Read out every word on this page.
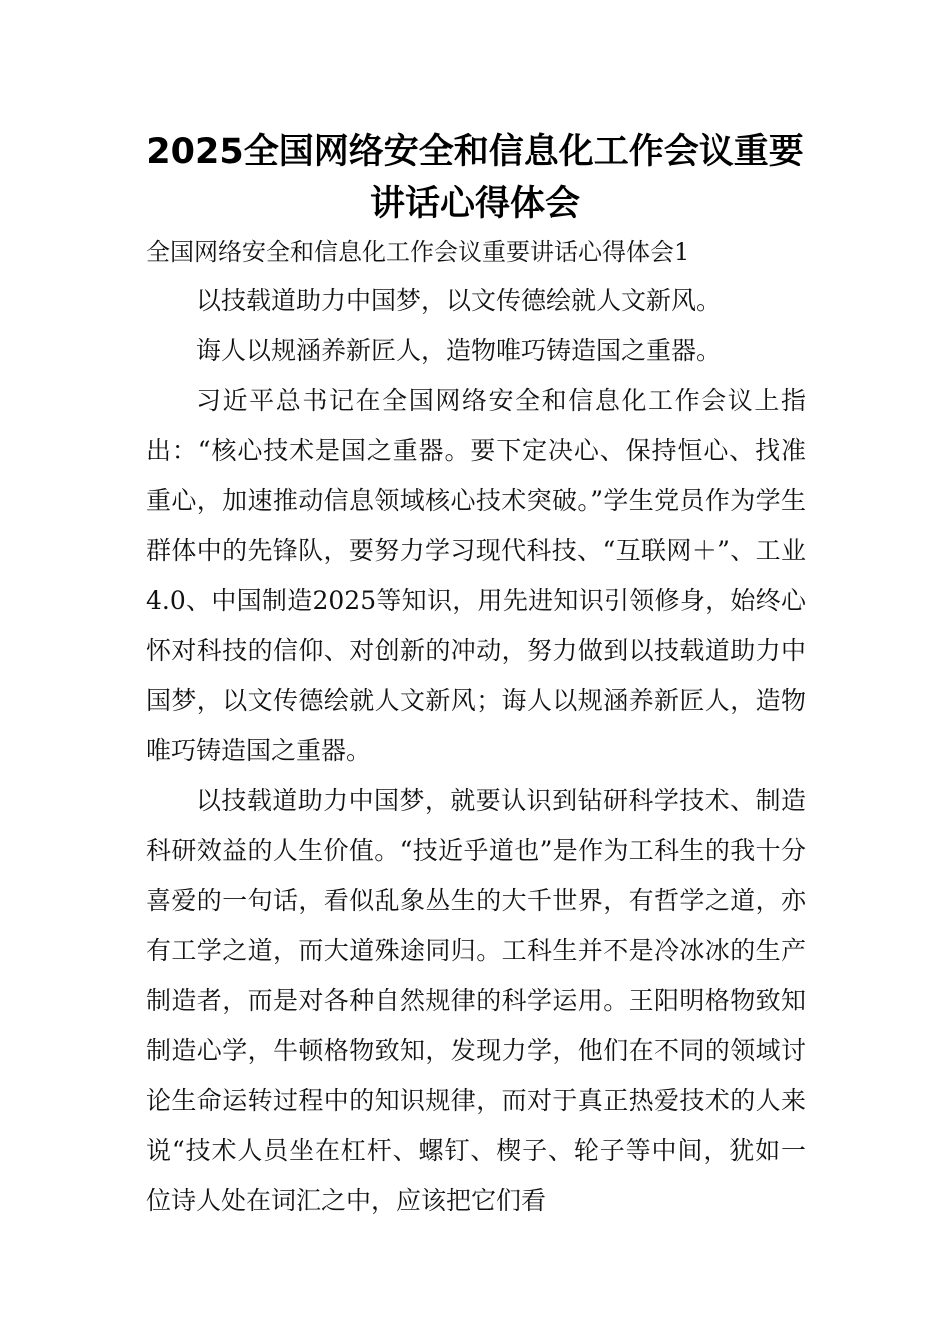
2025全国网络安全和信息化工作会议重要
讲话心得体会
全国网络安全和信息化工作会议重要讲话心得体会1

以技载道助力中国梦，以文传德绘就人文新风。

诲人以规涵养新匠人，造物唯巧铸造国之重器。

习近平总书记在全国网络安全和信息化工作会议上指出：“核心技术是国之重器。要下定决心、保持恒心、找准重心，加速推动信息领域核心技术突破。”学生党员作为学生群体中的先锋队，要努力学习现代科技、“互联网＋”、工业4.0、中国制造2025等知识，用先进知识引领修身，始终心怀对科技的信仰、对创新的冲动，努力做到以技载道助力中国梦，以文传德绘就人文新风；诲人以规涵养新匠人，造物唯巧铸造国之重器。

以技载道助力中国梦，就要认识到钻研科学技术、制造科研效益的人生价值。“技近乎道也”是作为工科生的我十分喜爱的一句话，看似乱象丛生的大千世界，有哲学之道，亦有工学之道，而大道殊途同归。工科生并不是冷冰冰的生产制造者，而是对各种自然规律的科学运用。王阳明格物致知制造心学，牛顿格物致知，发现力学，他们在不同的领域讨论生命运转过程中的知识规律，而对于真正热爱技术的人来说“技术人员坐在杠杆、螺钉、楔子、轮子等中间，犹如一位诗人处在词汇之中，应该把它们看
